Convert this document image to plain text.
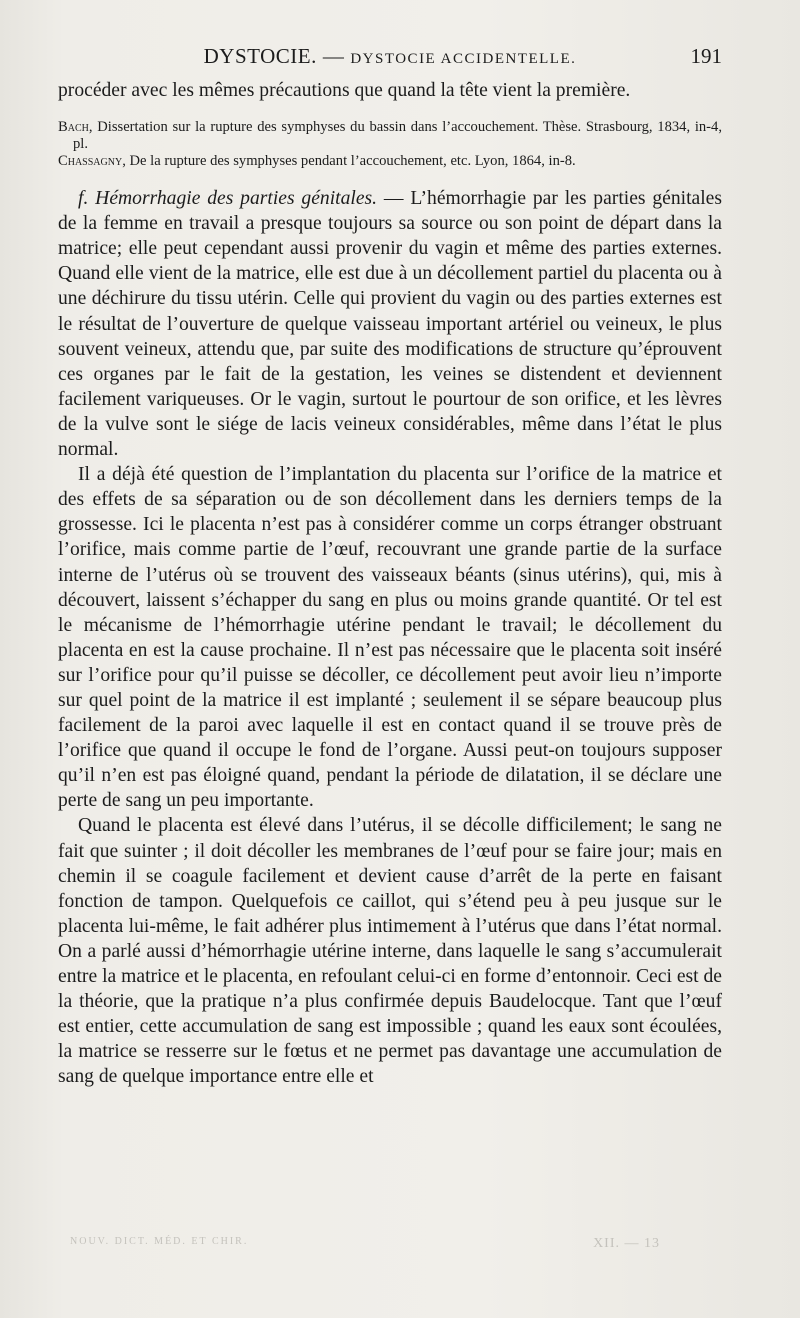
DYSTOCIE. — DYSTOCIE ACCIDENTELLE.	191

procéder avec les mêmes précautions que quand la tête vient la première.

Bach, Dissertation sur la rupture des symphyses du bassin dans l’accouchement. Thèse. Strasbourg, 1834, in-4, pl.
Chassagny, De la rupture des symphyses pendant l’accouchement, etc. Lyon, 1864, in-8.

f. Hémorrhagie des parties génitales. — L’hémorrhagie par les parties génitales de la femme en travail a presque toujours sa source ou son point de départ dans la matrice; elle peut cependant aussi provenir du vagin et même des parties externes. Quand elle vient de la matrice, elle est due à un décollement partiel du placenta ou à une déchirure du tissu utérin. Celle qui provient du vagin ou des parties externes est le résultat de l’ouverture de quelque vaisseau important artériel ou veineux, le plus souvent veineux, attendu que, par suite des modifications de structure qu’éprouvent ces organes par le fait de la gestation, les veines se distendent et deviennent facilement variqueuses. Or le vagin, surtout le pourtour de son orifice, et les lèvres de la vulve sont le siége de lacis veineux considérables, même dans l’état le plus normal.

Il a déjà été question de l’implantation du placenta sur l’orifice de la matrice et des effets de sa séparation ou de son décollement dans les derniers temps de la grossesse. Ici le placenta n’est pas à considérer comme un corps étranger obstruant l’orifice, mais comme partie de l’œuf, recouvrant une grande partie de la surface interne de l’utérus où se trouvent des vaisseaux béants (sinus utérins), qui, mis à découvert, laissent s’échapper du sang en plus ou moins grande quantité. Or tel est le mécanisme de l’hémorrhagie utérine pendant le travail; le décollement du placenta en est la cause prochaine. Il n’est pas nécessaire que le placenta soit inséré sur l’orifice pour qu’il puisse se décoller, ce décollement peut avoir lieu n’importe sur quel point de la matrice il est implanté ; seulement il se sépare beaucoup plus facilement de la paroi avec laquelle il est en contact quand il se trouve près de l’orifice que quand il occupe le fond de l’organe. Aussi peut-on toujours supposer qu’il n’en est pas éloigné quand, pendant la période de dilatation, il se déclare une perte de sang un peu importante.

Quand le placenta est élevé dans l’utérus, il se décolle difficilement; le sang ne fait que suinter ; il doit décoller les membranes de l’œuf pour se faire jour; mais en chemin il se coagule facilement et devient cause d’arrêt de la perte en faisant fonction de tampon. Quelquefois ce caillot, qui s’étend peu à peu jusque sur le placenta lui-même, le fait adhérer plus intimement à l’utérus que dans l’état normal. On a parlé aussi d’hémorrhagie utérine interne, dans laquelle le sang s’accumulerait entre la matrice et le placenta, en refoulant celui-ci en forme d’entonnoir. Ceci est de la théorie, que la pratique n’a plus confirmée depuis Baudelocque. Tant que l’œuf est entier, cette accumulation de sang est impossible ; quand les eaux sont écoulées, la matrice se resserre sur le fœtus et ne permet pas davantage une accumulation de sang de quelque importance entre elle et

NOUV. DICT. MÉD. ET CHIR.	XII. — 13
